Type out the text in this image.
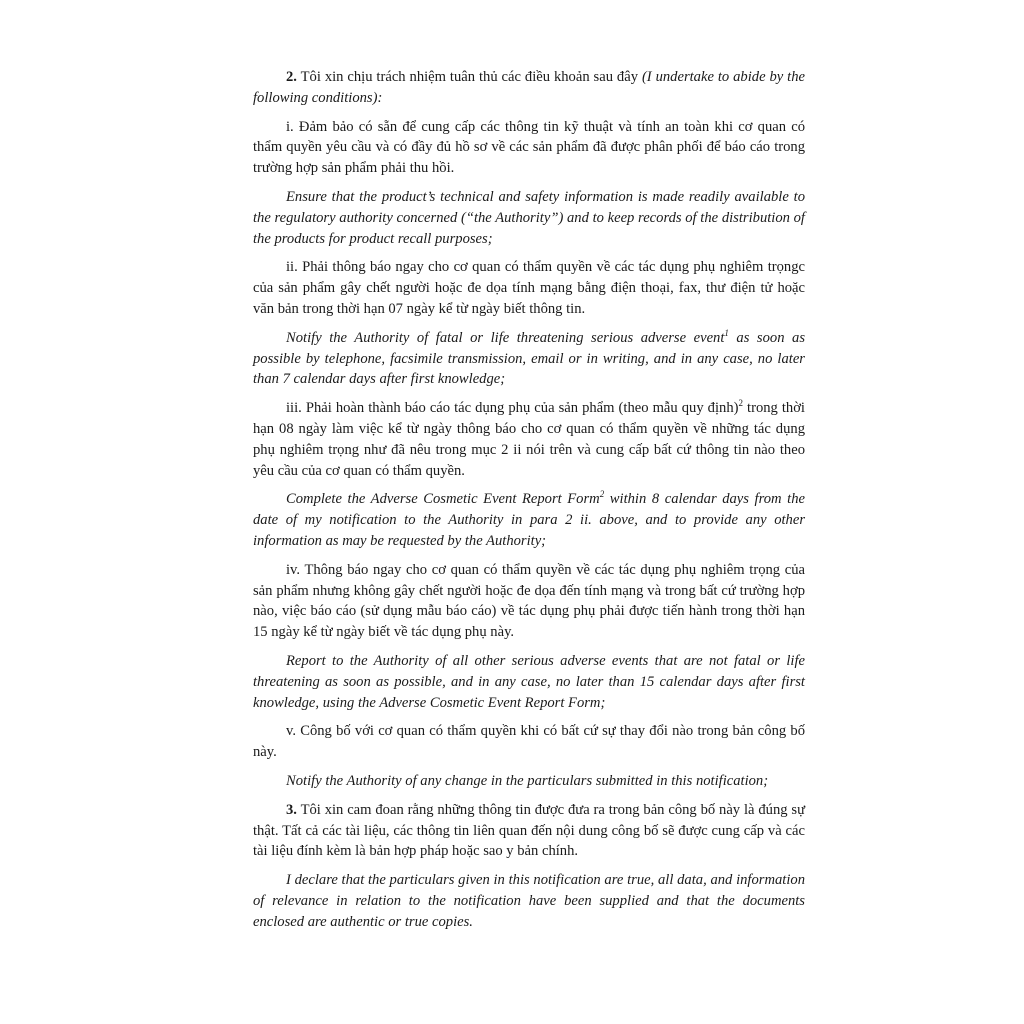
2. Tôi xin chịu trách nhiệm tuân thủ các điều khoản sau đây (I undertake to abide by the following conditions):

i. Đảm bảo có sẵn để cung cấp các thông tin kỹ thuật và tính an toàn khi cơ quan có thẩm quyền yêu cầu và có đầy đủ hồ sơ về các sản phẩm đã được phân phối để báo cáo trong trường hợp sản phẩm phải thu hồi.

Ensure that the product’s technical and safety information is made readily available to the regulatory authority concerned (“the Authority”) and to keep records of the distribution of the products for product recall purposes;

ii. Phải thông báo ngay cho cơ quan có thẩm quyền về các tác dụng phụ nghiêm trọngc của sản phẩm gây chết người hoặc đe dọa tính mạng bằng điện thoại, fax, thư điện tử hoặc văn bản trong thời hạn 07 ngày kể từ ngày biết thông tin.

Notify the Authority of fatal or life threatening serious adverse event$^1$ as soon as possible by telephone, facsimile transmission, email or in writing, and in any case, no later than 7 calendar days after first knowledge;

iii. Phải hoàn thành báo cáo tác dụng phụ của sản phẩm (theo mẫu quy định)$^2$ trong thời hạn 08 ngày làm việc kể từ ngày thông báo cho cơ quan có thẩm quyền về những tác dụng phụ nghiêm trọng như đã nêu trong mục 2 ii nói trên và cung cấp bất cứ thông tin nào theo yêu cầu của cơ quan có thẩm quyền.

Complete the Adverse Cosmetic Event Report Form$^2$ within 8 calendar days from the date of my notification to the Authority in para 2 ii. above, and to provide any other information as may be requested by the Authority;

iv. Thông báo ngay cho cơ quan có thẩm quyền về các tác dụng phụ nghiêm trọng của sản phẩm nhưng không gây chết người hoặc đe dọa đến tính mạng và trong bất cứ trường hợp nào, việc báo cáo (sử dụng mẫu báo cáo) về tác dụng phụ phải được tiến hành trong thời hạn 15 ngày kể từ ngày biết về tác dụng phụ này.

Report to the Authority of all other serious adverse events that are not fatal or life threatening as soon as possible, and in any case, no later than 15 calendar days after first knowledge, using the Adverse Cosmetic Event Report Form;

v. Công bố với cơ quan có thẩm quyền khi có bất cứ sự thay đổi nào trong bản công bố này.

Notify the Authority of any change in the particulars submitted in this notification;

3. Tôi xin cam đoan rằng những thông tin được đưa ra trong bản công bố này là đúng sự thật. Tất cả các tài liệu, các thông tin liên quan đến nội dung công bố sẽ được cung cấp và các tài liệu đính kèm là bản hợp pháp hoặc sao y bản chính.

I declare that the particulars given in this notification are true, all data, and information of relevance in relation to the notification have been supplied and that the documents enclosed are authentic or true copies.
